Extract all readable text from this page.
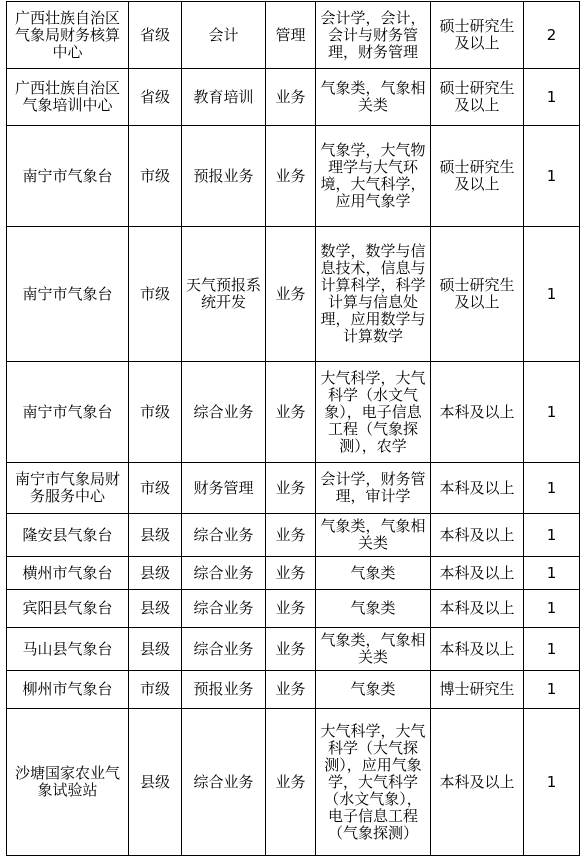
广西壮族自治区气象局财务核算中心	省级	会计	管理	会计学，会计，会计与财务管理，财务管理	硕士研究生及以上	2
广西壮族自治区气象培训中心	省级	教育培训	业务	气象类，气象相关类	硕士研究生及以上	1
南宁市气象台	市级	预报业务	业务	气象学，大气物理学与大气环境，大气科学，应用气象学	硕士研究生及以上	1
南宁市气象台	市级	天气预报系统开发	业务	数学，数学与信息技术，信息与计算科学，科学计算与信息处理，应用数学与计算数学	硕士研究生及以上	1
南宁市气象台	市级	综合业务	业务	大气科学，大气科学（水文气象），电子信息工程（气象探测），农学	本科及以上	1
南宁市气象局财务服务中心	市级	财务管理	业务	会计学，财务管理，审计学	本科及以上	1
隆安县气象台	县级	综合业务	业务	气象类，气象相关类	本科及以上	1
横州市气象台	县级	综合业务	业务	气象类	本科及以上	1
宾阳县气象台	县级	综合业务	业务	气象类	本科及以上	1
马山县气象台	县级	综合业务	业务	气象类，气象相关类	本科及以上	1
柳州市气象台	市级	预报业务	业务	气象类	博士研究生	1
沙塘国家农业气象试验站	县级	综合业务	业务	大气科学，大气科学（大气探测），应用气象学，大气科学（水文气象），电子信息工程（气象探测）	本科及以上	1
